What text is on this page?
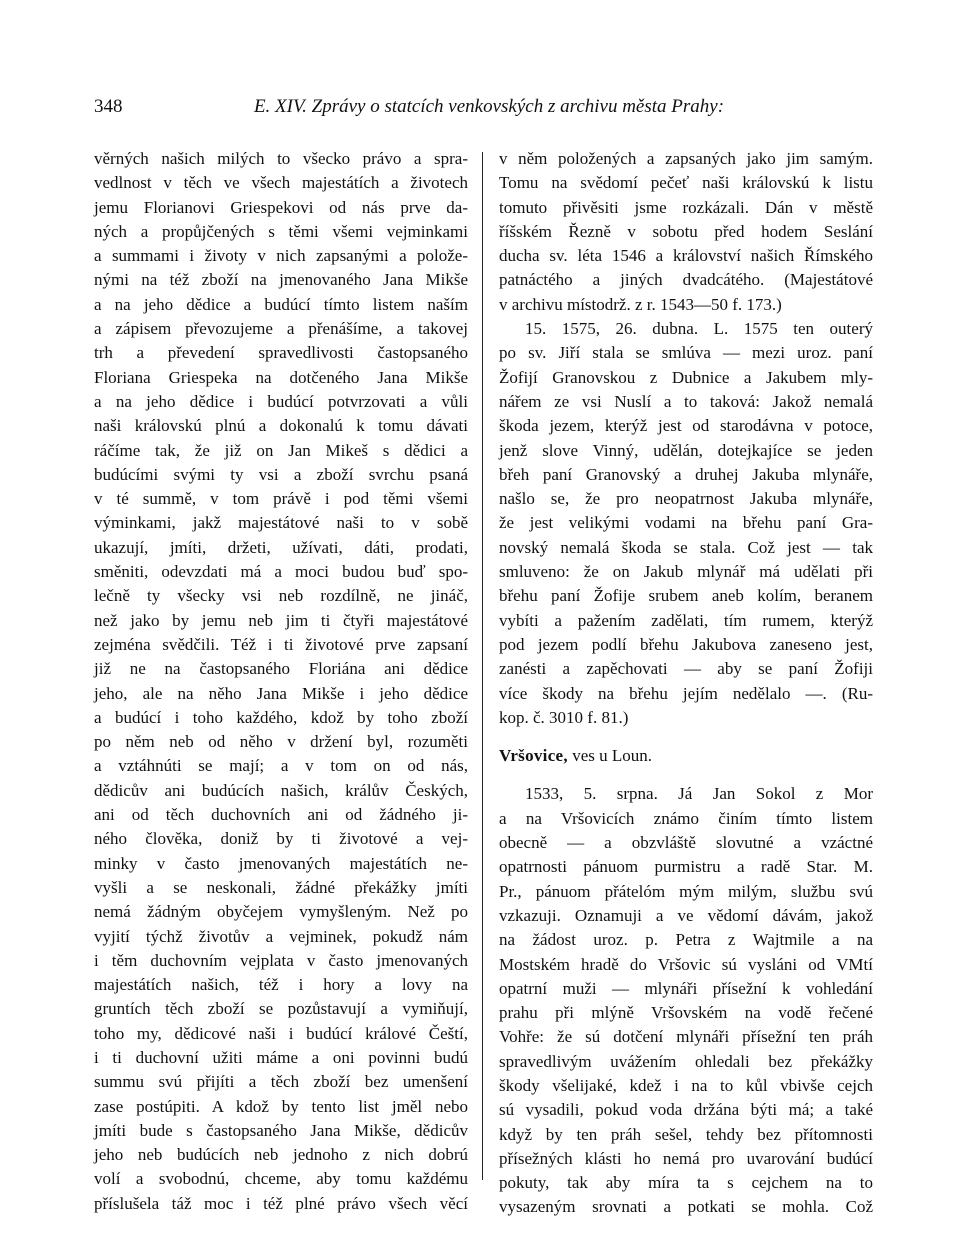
348	E. XIV. Zprávy o statcích venkovských z archivu města Prahy:
věrných našich milých to všecko právo a spra-
vedlnost v těch ve všech majestátích a životech
jemu Florianovi Griespekovi od nás prve da-
ných a propůjčených s těmi všemi vejminkami
a summami i životy v nich zapsanými a polože-
nými na též zboží na jmenovaného Jana Mikše
a na jeho dědice a budúcí tímto listem naším
a zápisem převozujeme a přenášíme, a takovej
trh a převedení spravedlivosti častopsaného
Floriana Griespeka na dotčeného Jana Mikše
a na jeho dědice i budúcí potvrzovati a vůli
naši královskú plnú a dokonalú k tomu dávati
ráčíme tak, že již on Jan Mikeš s dědici a
budúcími svými ty vsi a zboží svrchu psaná
v té summě, v tom právě i pod těmi všemi
výminkami, jakž majestátové naši to v sobě
ukazují, jmíti, držeti, užívati, dáti, prodati,
směniti, odevzdati má a moci budou buď spo-
lečně ty všecky vsi neb rozdílně, ne jináč,
než jako by jemu neb jim ti čtyři majestátové
zejména svědčili. Též i ti životové prve zapsaní
již ne na častopsaného Floriána ani dědice
jeho, ale na něho Jana Mikše i jeho dědice
a budúcí i toho každého, kdož by toho zboží
po něm neb od něho v držení byl, rozuměti
a vztáhnúti se mají; a v tom on od nás,
dědicův ani budúcích našich, králův Českých,
ani od těch duchovních ani od žádného ji-
ného člověka, doniž by ti životové a vej-
minky v často jmenovaných majestátích ne-
vyšli a se neskonali, žádné překážky jmíti
nemá žádným obyčejem vymyšleným. Než po
vyjití týchž životův a vejminek, pokudž nám
i těm duchovním vejplata v často jmenovaných
majestátích našich, též i hory a lovy na
gruntích těch zboží se pozůstavují a vymiňují,
toho my, dědicové naši i budúcí králové Čeští,
i ti duchovní užiti máme a oni povinni budú
summu svú přijíti a těch zboží bez umenšení
zase postúpiti. A kdož by tento list jměl nebo
jmíti bude s častopsaného Jana Mikše, dědicův
jeho neb budúcích neb jednoho z nich dobrú
volí a svobodnú, chceme, aby tomu každému
příslušela táž moc i též plné právo všech věcí
v něm položených a zapsaných jako jim samým.
Tomu na svědomí pečeť naši královskú k listu
tomuto přivěsiti jsme rozkázali. Dán v městě
říšském Řezně v sobotu před hodem Seslání
ducha sv. léta 1546 a království našich Římského
patnáctého a jiných dvadcátého. (Majestátové
v archivu místodrž. z r. 1543—50 f. 173.)
15. 1575, 26. dubna. L. 1575 ten outerý
po sv. Jiří stala se smlúva — mezi uroz. paní
Žofijí Granovskou z Dubnice a Jakubem mly-
nářem ze vsi Nuslí a to taková: Jakož nemalá
škoda jezem, kterýž jest od starodávna v potoce,
jenž slove Vinný, udělán, dotejkajíce se jeden
břeh paní Granovský a druhej Jakuba mlynáře,
našlo se, že pro neopatrnost Jakuba mlynáře,
že jest velikými vodami na břehu paní Gra-
novský nemalá škoda se stala. Což jest — tak
smluveno: že on Jakub mlynář má udělati při
břehu paní Žofije srubem aneb kolím, beranem
vybíti a pažením zadělati, tím rumem, kterýž
pod jezem podlí břehu Jakubova zaneseno jest,
zanésti a zapěchovati — aby se paní Žofiji
více škody na břehu jejím nedělalo —. (Ru-
kop. č. 3010 f. 81.)
Vršovice, ves u Loun.
1533, 5. srpna. Já Jan Sokol z Mor
a na Vršovicích známo činím tímto listem
obecně — a obzvláště slovutné a vzáctné
opatrnosti pánuom purmistru a radě Star. M.
Pr., pánuom přátelóm mým milým, službu svú
vzkazuji. Oznamuji a ve vědomí dávám, jakož
na žádost uroz. p. Petra z Wajtmile a na
Mostském hradě do Vršovic sú vysláni od VMtí
opatrní muži — mlynáři přísežní k vohledání
prahu při mlýně Vršovském na vodě řečené
Vohře: že sú dotčení mlynáři přísežní ten práh
spravedlivým uvážením ohledali bez překážky
škody všelijaké, kdež i na to kůl vbivše cejch
sú vysadili, pokud voda držána býti má; a také
když by ten práh sešel, tehdy bez přítomnosti
přísežných klásti ho nemá pro uvarování budúcí
pokuty, tak aby míra ta s cejchem na to
vysazeným srovnati a potkati se mohla. Což
